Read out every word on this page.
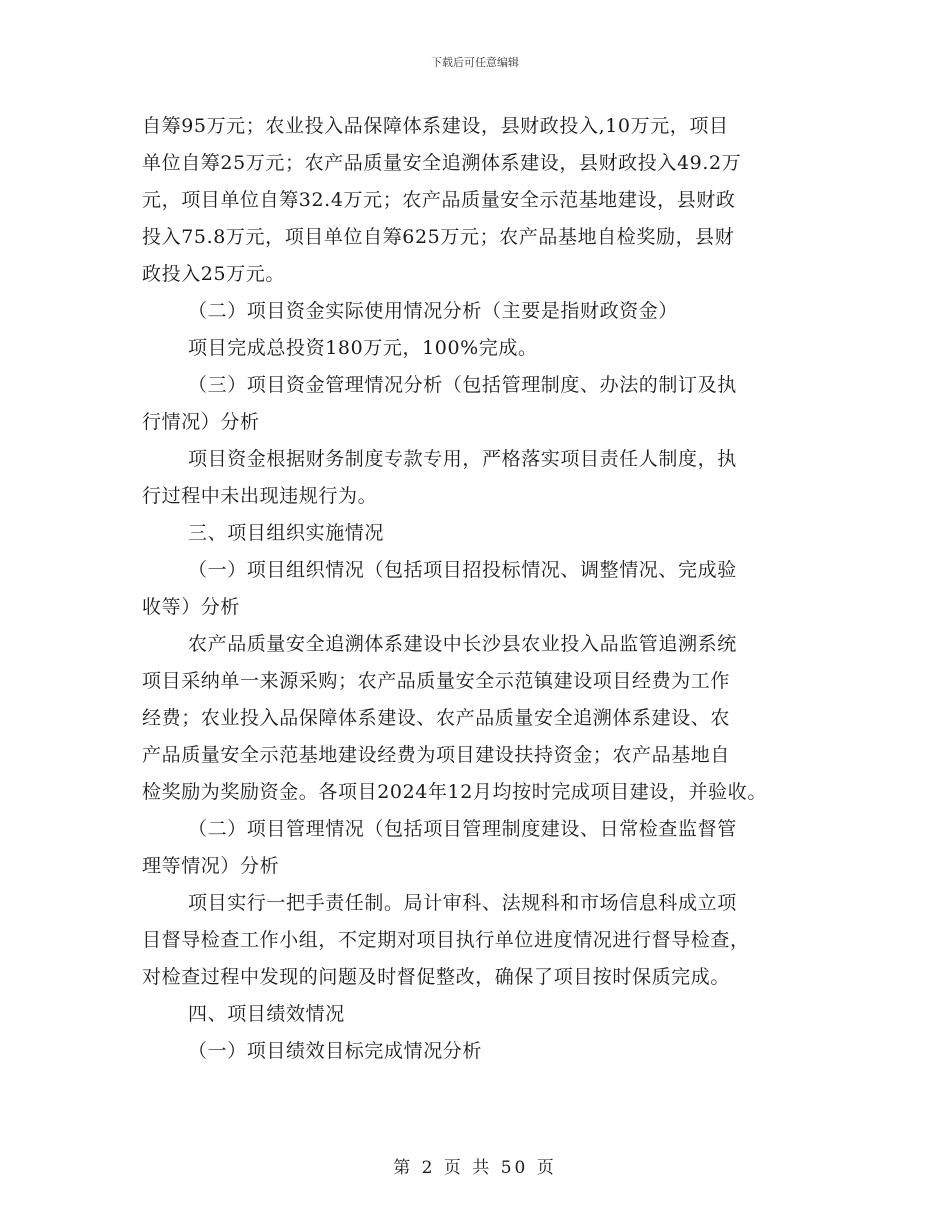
下载后可任意编辑
自筹95万元；农业投入品保障体系建设，县财政投入,10万元，项目
单位自筹25万元；农产品质量安全追溯体系建设，县财政投入49.2万
元，项目单位自筹32.4万元；农产品质量安全示范基地建设，县财政
投入75.8万元，项目单位自筹625万元；农产品基地自检奖励，县财
政投入25万元。
（二）项目资金实际使用情况分析（主要是指财政资金）
项目完成总投资180万元，100%完成。
（三）项目资金管理情况分析（包括管理制度、办法的制订及执
行情况）分析
项目资金根据财务制度专款专用，严格落实项目责任人制度，执
行过程中未出现违规行为。
三、项目组织实施情况
（一）项目组织情况（包括项目招投标情况、调整情况、完成验
收等）分析
农产品质量安全追溯体系建设中长沙县农业投入品监管追溯系统
项目采纳单一来源采购；农产品质量安全示范镇建设项目经费为工作
经费；农业投入品保障体系建设、农产品质量安全追溯体系建设、农
产品质量安全示范基地建设经费为项目建设扶持资金；农产品基地自
检奖励为奖励资金。各项目2024年12月均按时完成项目建设，并验收。
（二）项目管理情况（包括项目管理制度建设、日常检查监督管
理等情况）分析
项目实行一把手责任制。局计审科、法规科和市场信息科成立项
目督导检查工作小组，不定期对项目执行单位进度情况进行督导检查，
对检查过程中发现的问题及时督促整改，确保了项目按时保质完成。
四、项目绩效情况
（一）项目绩效目标完成情况分析
第 2 页 共 50 页
